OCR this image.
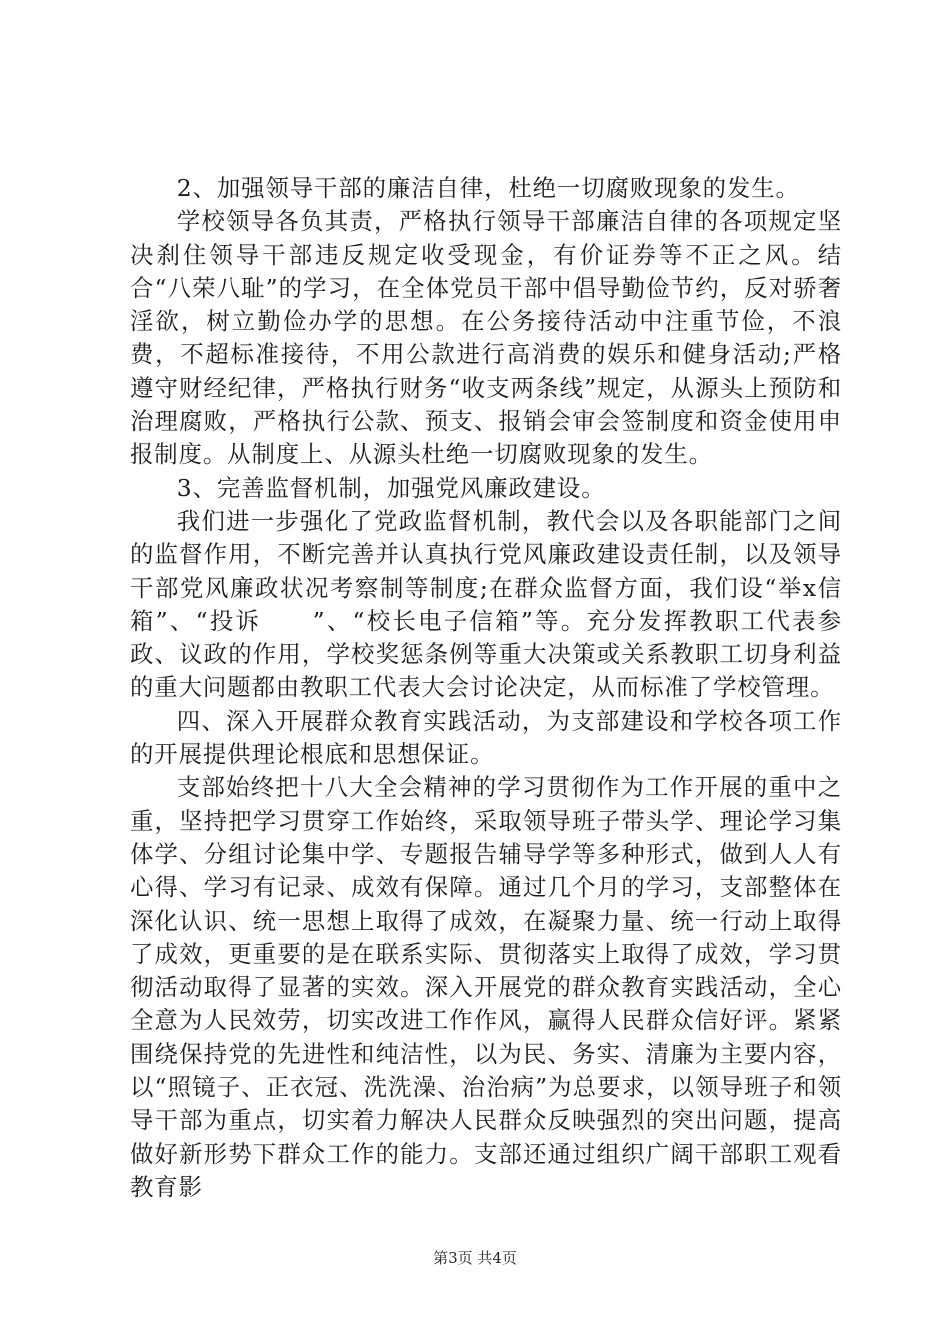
2、加强领导干部的廉洁自律，杜绝一切腐败现象的发生。

学校领导各负其责，严格执行领导干部廉洁自律的各项规定坚决刹住领导干部违反规定收受现金，有价证券等不正之风。结合“八荣八耻”的学习，在全体党员干部中倡导勤俭节约，反对骄奢淫欲，树立勤俭办学的思想。在公务接待活动中注重节俭，不浪费，不超标准接待，不用公款进行高消费的娱乐和健身活动;严格遵守财经纪律，严格执行财务“收支两条线”规定，从源头上预防和治理腐败，严格执行公款、预支、报销会审会签制度和资金使用申报制度。从制度上、从源头杜绝一切腐败现象的发生。

3、完善监督机制，加强党风廉政建设。

我们进一步强化了党政监督机制，教代会以及各职能部门之间的监督作用，不断完善并认真执行党风廉政建设责任制，以及领导干部党风廉政状况考察制等制度;在群众监督方面，我们设“举x信箱”、“投诉　　”、“校长电子信箱”等。充分发挥教职工代表参政、议政的作用，学校奖惩条例等重大决策或关系教职工切身利益的重大问题都由教职工代表大会讨论决定，从而标准了学校管理。

四、深入开展群众教育实践活动，为支部建设和学校各项工作的开展提供理论根底和思想保证。

支部始终把十八大全会精神的学习贯彻作为工作开展的重中之重，坚持把学习贯穿工作始终，采取领导班子带头学、理论学习集体学、分组讨论集中学、专题报告辅导学等多种形式，做到人人有心得、学习有记录、成效有保障。通过几个月的学习，支部整体在深化认识、统一思想上取得了成效，在凝聚力量、统一行动上取得了成效，更重要的是在联系实际、贯彻落实上取得了成效，学习贯彻活动取得了显著的实效。深入开展党的群众教育实践活动，全心全意为人民效劳，切实改进工作作风，赢得人民群众信好评。紧紧围绕保持党的先进性和纯洁性，以为民、务实、清廉为主要内容，以“照镜子、正衣冠、洗洗澡、治治病”为总要求，以领导班子和领导干部为重点，切实着力解决人民群众反映强烈的突出问题，提高做好新形势下群众工作的能力。支部还通过组织广阔干部职工观看教育影

第3页 共4页
